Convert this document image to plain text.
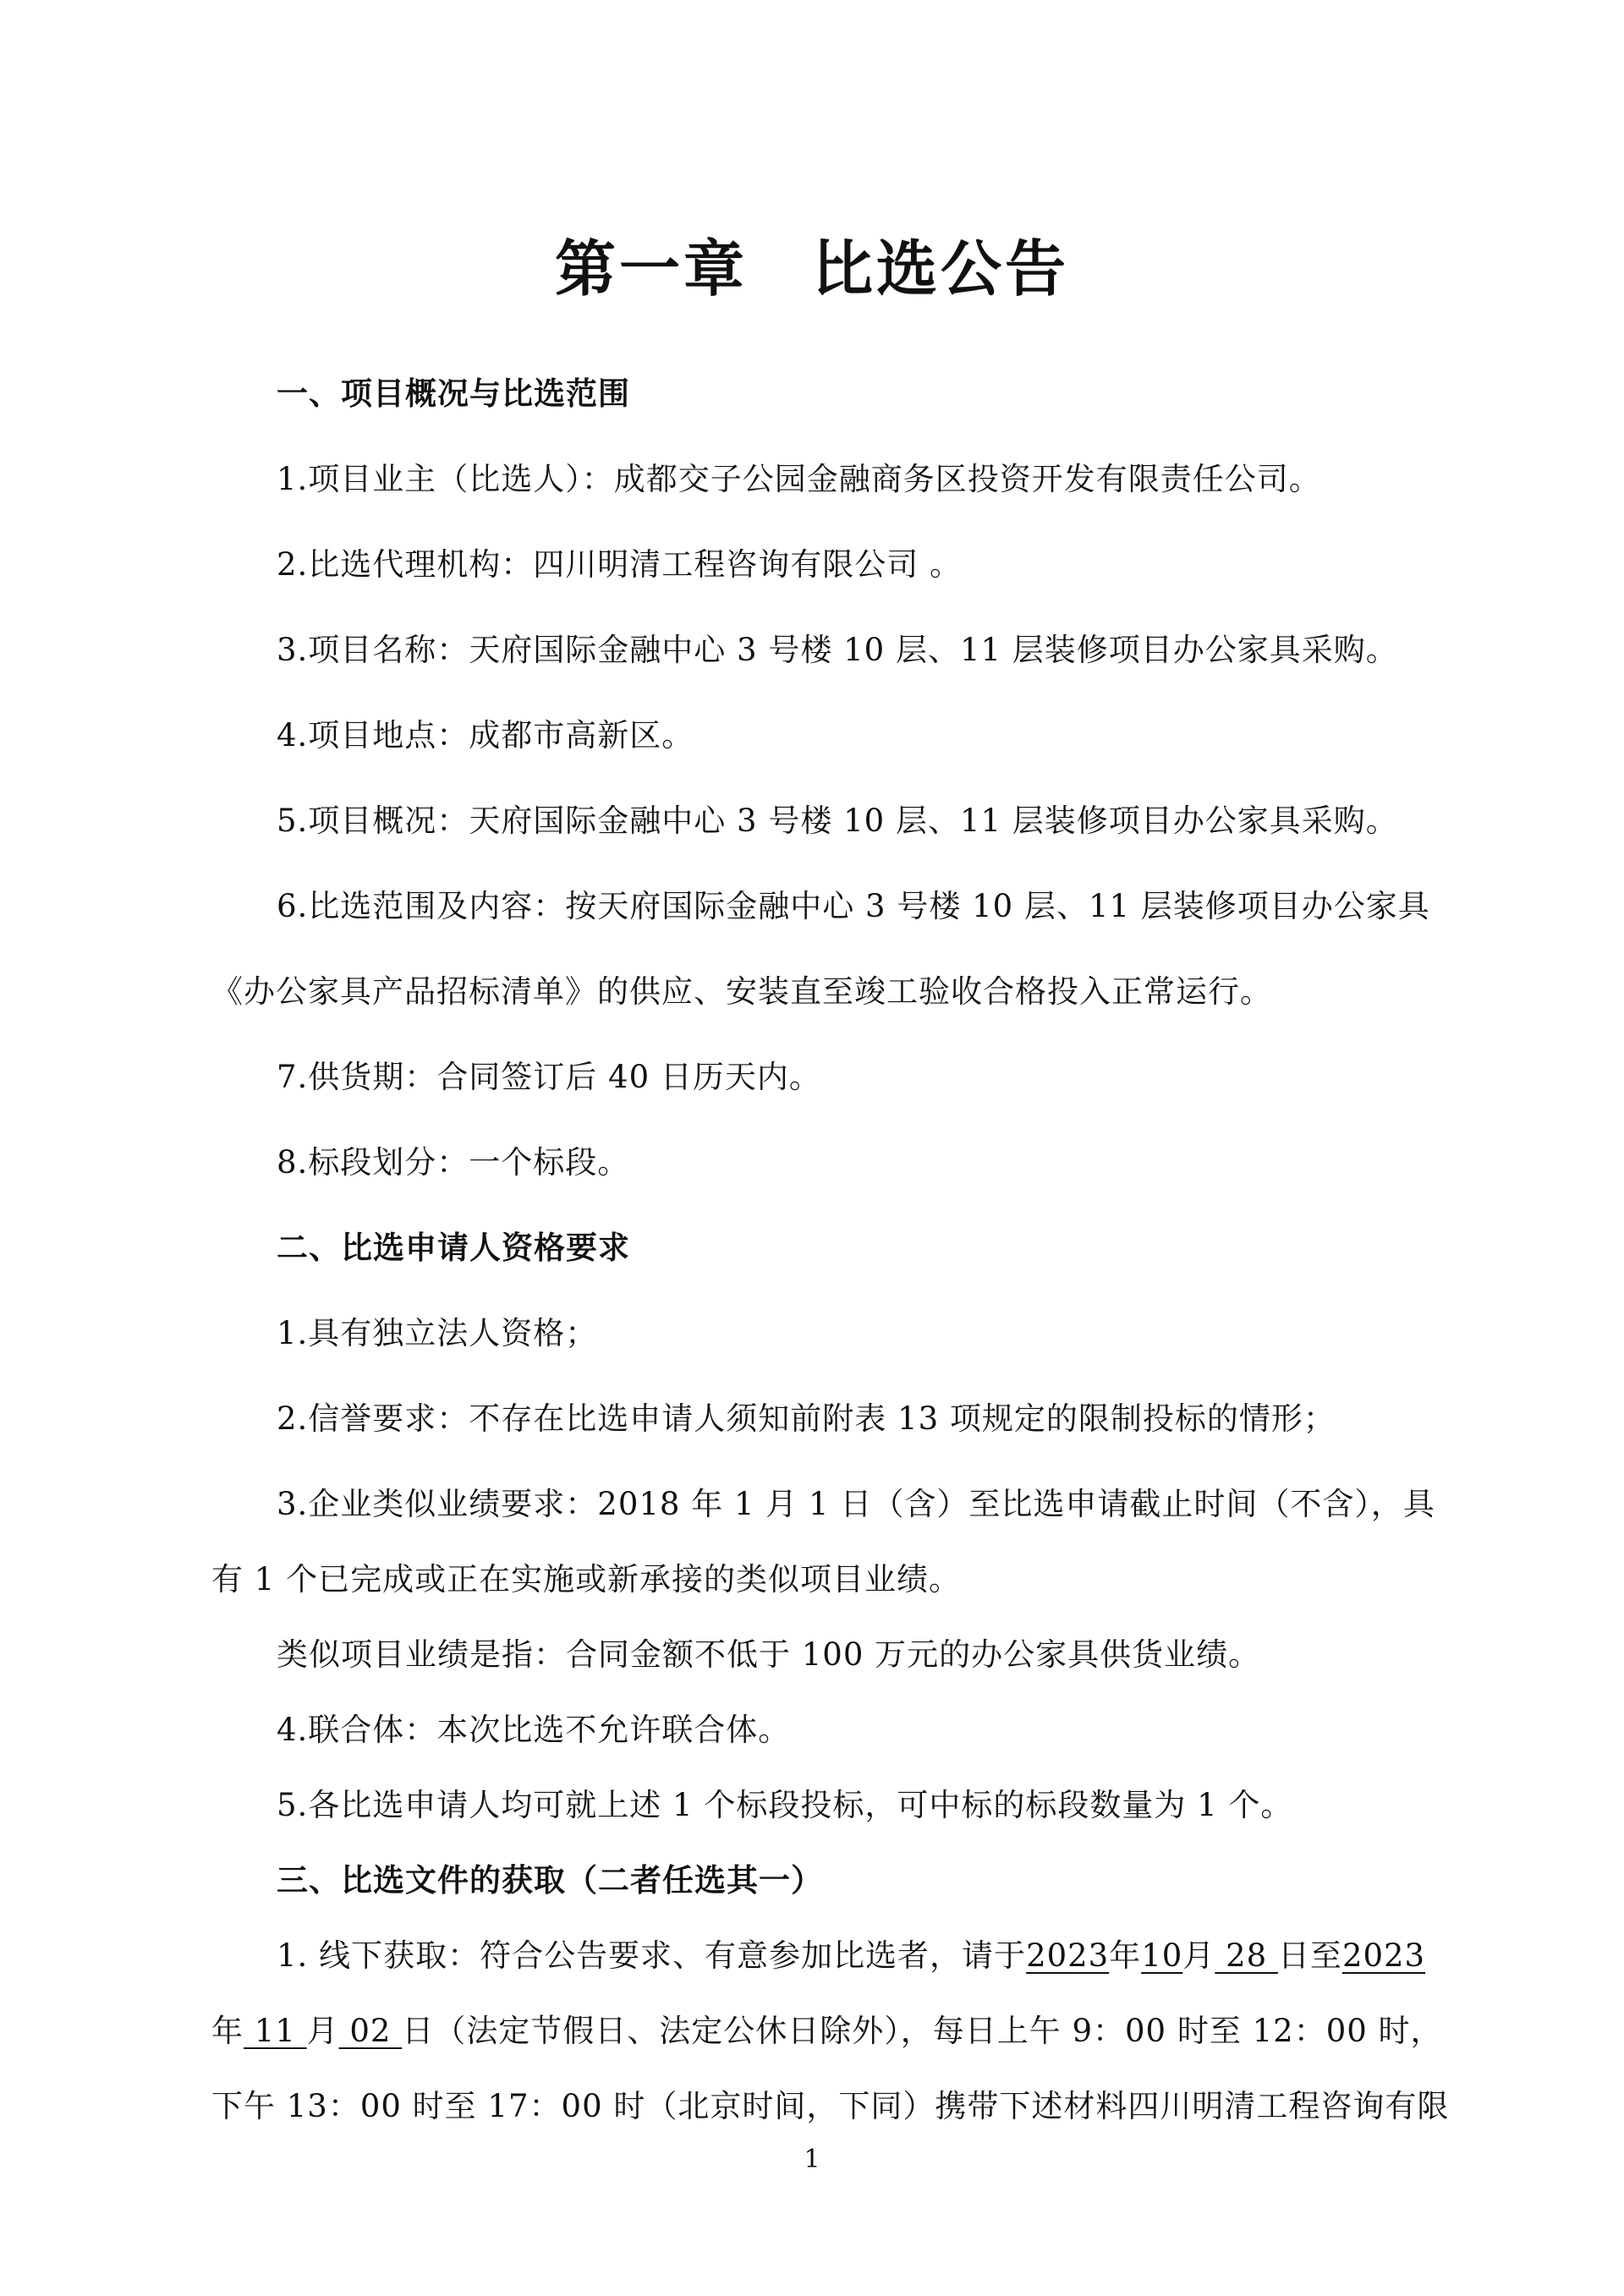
第一章 比选公告
一、项目概况与比选范围
1.项目业主（比选人）：成都交子公园金融商务区投资开发有限责任公司。
2.比选代理机构：四川明清工程咨询有限公司 。
3.项目名称：天府国际金融中心 3 号楼 10 层、11 层装修项目办公家具采购。
4.项目地点：成都市高新区。
5.项目概况：天府国际金融中心 3 号楼 10 层、11 层装修项目办公家具采购。
6.比选范围及内容：按天府国际金融中心 3 号楼 10 层、11 层装修项目办公家具
《办公家具产品招标清单》的供应、安装直至竣工验收合格投入正常运行。
7.供货期：合同签订后 40 日历天内。
8.标段划分：一个标段。
二、比选申请人资格要求
1.具有独立法人资格；
2.信誉要求：不存在比选申请人须知前附表 13 项规定的限制投标的情形；
3.企业类似业绩要求：2018 年 1 月 1 日（含）至比选申请截止时间（不含），具
有 1 个已完成或正在实施或新承接的类似项目业绩。
类似项目业绩是指：合同金额不低于 100 万元的办公家具供货业绩。
4.联合体：本次比选不允许联合体。
5.各比选申请人均可就上述 1 个标段投标，可中标的标段数量为 1 个。
三、比选文件的获取（二者任选其一）
1. 线下获取：符合公告要求、有意参加比选者，请于2023年10月 28 日至2023
年 11 月 02 日（法定节假日、法定公休日除外），每日上午 9：00 时至 12：00 时，
下午 13：00 时至 17：00 时（北京时间，下同）携带下述材料四川明清工程咨询有限
1
